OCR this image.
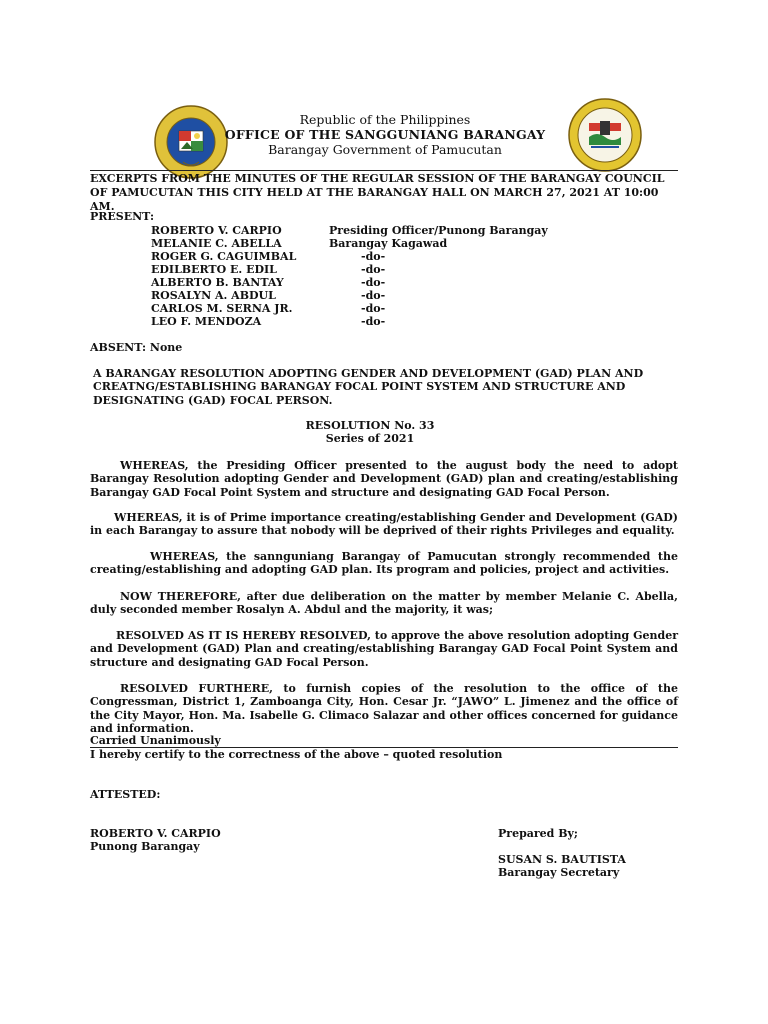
Republic of the Philippines
OFFICE OF THE SANGGUNIANG BARANGAY
Barangay Government of Pamucutan
EXCERPTS FROM THE MINUTES OF THE REGULAR SESSION OF THE BARANGAY COUNCIL OF PAMUCUTAN THIS CITY HELD AT THE BARANGAY HALL ON MARCH 27, 2021 AT 10:00 AM.
PRESENT:
ROBERTO V. CARPIO	Presiding Officer/Punong Barangay
MELANIE C. ABELLA	Barangay Kagawad
ROGER G. CAGUIMBAL	-do-
EDILBERTO E. EDIL	-do-
ALBERTO B. BANTAY	-do-
ROSALYN A. ABDUL	-do-
CARLOS M. SERNA JR.	-do-
LEO F. MENDOZA	-do-
ABSENT: None
A BARANGAY RESOLUTION ADOPTING GENDER AND DEVELOPMENT (GAD) PLAN AND CREATNG/ESTABLISHING BARANGAY FOCAL POINT SYSTEM AND STRUCTURE AND DESIGNATING (GAD) FOCAL PERSON.
RESOLUTION No. 33
Series of 2021
WHEREAS, the Presiding Officer presented to the august body the need to adopt Barangay Resolution adopting Gender and Development (GAD) plan and creating/establishing Barangay GAD Focal Point System and structure and designating GAD Focal Person.
WHEREAS, it is of Prime importance creating/establishing Gender and Development (GAD) in each Barangay to assure that nobody will be deprived of their rights Privileges and equality.
WHEREAS, the sannguniang Barangay of Pamucutan strongly recommended the creating/establishing and adopting GAD plan. Its program and policies, project and activities.
NOW THEREFORE, after due deliberation on the matter by member Melanie C. Abella, duly seconded member Rosalyn A. Abdul and the majority, it was;
RESOLVED AS IT IS HEREBY RESOLVED, to approve the above resolution adopting Gender and Development (GAD) Plan and creating/establishing Barangay GAD Focal Point System and structure and designating GAD Focal Person.
RESOLVED FURTHERE, to furnish copies of the resolution to the office of the Congressman, District 1, Zamboanga City, Hon. Cesar Jr. “JAWO” L. Jimenez and the office of the City Mayor, Hon. Ma. Isabelle G. Climaco Salazar and other offices concerned for guidance and information.
Carried Unanimously
I hereby certify to the correctness of the above – quoted resolution
ATTESTED:
ROBERTO V. CARPIO
Punong Barangay
Prepared By;
SUSAN S. BAUTISTA
Barangay Secretary
